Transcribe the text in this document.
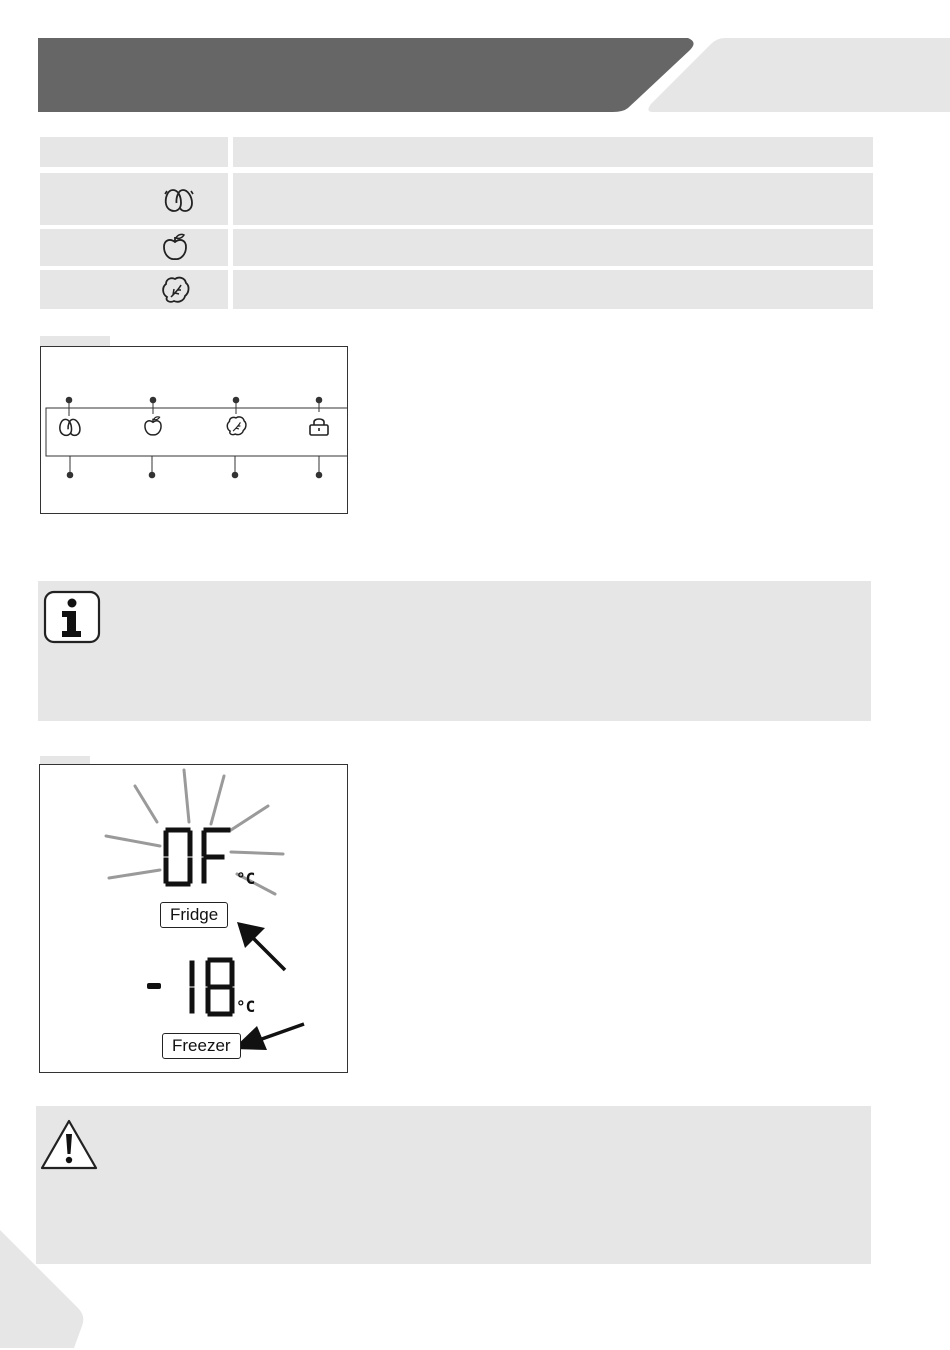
°C
Fridge
°C
Freezer
